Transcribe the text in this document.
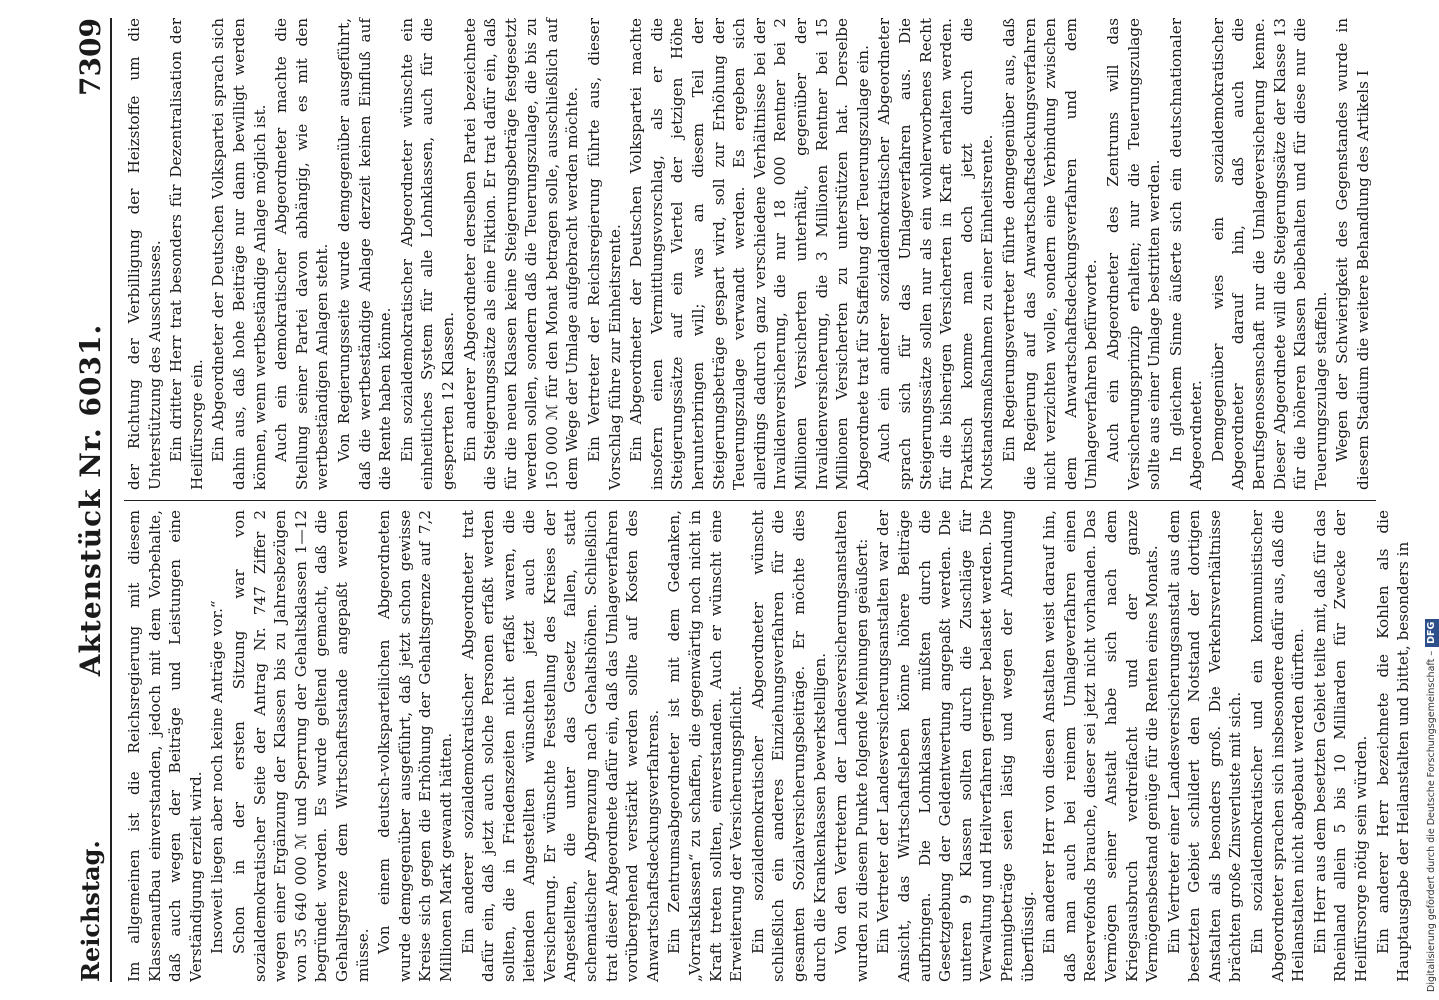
Reichstag.
Aktenstück Nr. 6031.
7309

Im allgemeinen ist die Reichsregierung mit diesem Klassenaufbau einverstanden, jedoch mit dem Vorbehalte, daß auch wegen der Beiträge und Leistungen eine Verständigung erzielt wird. Insoweit liegen aber noch keine Anträge vor.“ Schon in der ersten Sitzung war von sozialdemokratischer Seite der Antrag Nr. 747 Ziffer 2 wegen einer Ergänzung der Klassen bis zu Jahresbezügen von 35 640 000 ℳ und Sperrung der Gehaltsklassen 1—12 begründet worden. Es wurde geltend gemacht, daß die Gehaltsgrenze dem Wirtschaftsstande angepaßt werden müsse.

Von einem deutsch-volksparteilichen Abgeordneten wurde demgegenüber ausgeführt, daß jetzt schon gewisse Kreise sich gegen die Erhöhung der Gehaltsgrenze auf 7,2 Millionen Mark gewandt hätten. Ein anderer sozialdemokratischer Abgeordneter trat dafür ein, daß jetzt auch solche Personen erfaßt werden sollten, die in Friedenszeiten nicht erfaßt waren, die leitenden Angestellten wünschten jetzt auch die Versicherung. Er wünschte Feststellung des Kreises der Angestellten, die unter das Gesetz fallen, statt schematischer Abgrenzung nach Gehaltshöhen. Schließlich trat dieser Abgeordnete dafür ein, daß das Umlageverfahren vorübergehend verstärkt werden sollte auf Kosten des Anwartschaftsdeckungsverfahrens. Ein Zentrumsabgeordneter ist mit dem Gedanken, „Vorratsklassen“ zu schaffen, die gegenwärtig noch nicht in Kraft treten sollten, einverstanden. Auch er wünscht eine Erweiterung der Versicherungspflicht. Ein sozialdemokratischer Abgeordneter wünscht schließlich ein anderes Einziehungsverfahren für die gesamten Sozialversicherungsbeiträge. Er möchte dies durch die Krankenkassen bewerkstelligen. Von den Vertretern der Landesversicherungsanstalten wurden zu diesem Punkte folgende Meinungen geäußert: Ein Vertreter der Landesversicherungsanstalten war der Ansicht, das Wirtschaftsleben könne höhere Beiträge aufbringen. Die Lohnklassen müßten durch die Gesetzgebung der Geldentwertung angepaßt werden. Die unteren 9 Klassen sollten durch die Zuschläge für Verwaltung und Heilverfahren geringer belastet werden. Die Pfennigbeträge seien lästig und wegen der Abrundung überflüssig. Ein anderer Herr von diesen Anstalten weist darauf hin, daß man auch bei reinem Umlageverfahren einen Reservefonds brauche, dieser sei jetzt nicht vorhanden. Das Vermögen seiner Anstalt habe sich nach dem Kriegsausbruch verdreifacht und der ganze Vermögensbestand genüge für die Renten eines Monats. Ein Vertreter einer Landesversicherungsanstalt aus dem besetzten Gebiet schildert den Notstand der dortigen Anstalten als besonders groß. Die Verkehrsverhältnisse brächten große Zinsverluste mit sich. Ein sozialdemokratischer und ein kommunistischer Abgeordneter sprachen sich insbesondere dafür aus, daß die Heilanstalten nicht abgebaut werden dürften. Ein Herr aus dem besetzten Gebiet teilte mit, daß für das Rheinland allein 5 bis 10 Milliarden für Zwecke der Heilfürsorge nötig sein würden. Ein anderer Herr bezeichnete die Kohlen als die Hauptausgabe der Heilanstalten und bittet, besonders in

der Richtung der Verbilligung der Heizstoffe um die Unterstützung des Ausschusses. Ein dritter Herr trat besonders für Dezentralisation der Heilfürsorge ein. Ein Abgeordneter der Deutschen Volkspartei sprach sich dahin aus, daß hohe Beiträge nur dann bewilligt werden können, wenn wertbeständige Anlage möglich ist. Auch ein demokratischer Abgeordneter machte die Stellung seiner Partei davon abhängig, wie es mit den wertbeständigen Anlagen steht. Von Regierungsseite wurde demgegenüber ausgeführt, daß die wertbeständige Anlage derzeit keinen Einfluß auf die Rente haben könne. Ein sozialdemokratischer Abgeordneter wünschte ein einheitliches System für alle Lohnklassen, auch für die gesperrten 12 Klassen. Ein anderer Abgeordneter derselben Partei bezeichnete die Steigerungssätze als eine Fiktion. Er trat dafür ein, daß für die neuen Klassen keine Steigerungsbeträge festgesetzt werden sollen, sondern daß die Teuerungszulage, die bis zu 150 000 ℳ für den Monat betragen solle, ausschließlich auf dem Wege der Umlage aufgebracht werden möchte. Ein Vertreter der Reichsregierung führte aus, dieser Vorschlag führe zur Einheitsrente. Ein Abgeordneter der Deutschen Volkspartei machte insofern einen Vermittlungsvorschlag, als er die Steigerungssätze auf ein Viertel der jetzigen Höhe herunterbringen will; was an diesem Teil der Steigerungsbeträge gespart wird, soll zur Erhöhung der Teuerungszulage verwandt werden. Es ergeben sich allerdings dadurch ganz verschiedene Verhältnisse bei der Invalidenversicherung, die nur 18 000 Rentner bei 2 Millionen Versicherten unterhält, gegenüber der Invalidenversicherung, die 3 Millionen Rentner bei 15 Millionen Versicherten zu unterstützen hat. Derselbe Abgeordnete trat für Staffelung der Teuerungszulage ein. Auch ein anderer sozialdemokratischer Abgeordneter sprach sich für das Umlageverfahren aus. Die Steigerungssätze sollen nur als ein wohlerworbenes Recht für die bisherigen Versicherten in Kraft erhalten werden. Praktisch komme man doch jetzt durch die Notstandsmaßnahmen zu einer Einheitsrente. Ein Regierungsvertreter führte demgegenüber aus, daß die Regierung auf das Anwartschaftsdeckungsverfahren nicht verzichten wolle, sondern eine Verbindung zwischen dem Anwartschaftsdeckungsverfahren und dem Umlageverfahren befürworte. Auch ein Abgeordneter des Zentrums will das Versicherungsprinzip erhalten; nur die Teuerungszulage sollte aus einer Umlage bestritten werden. In gleichem Sinne äußerte sich ein deutschnationaler Abgeordneter. Demgegenüber wies ein sozialdemokratischer Abgeordneter darauf hin, daß auch die Berufsgenossenschaft nur die Umlageversicherung kenne. Dieser Abgeordnete will die Steigerungssätze der Klasse 13 für die höheren Klassen beibehalten und für diese nur die Teuerungszulage staffeln. Wegen der Schwierigkeit des Gegenstandes wurde in diesem Stadium die weitere Behandlung des Artikels I

Digitalisierung gefördert durch die Deutsche Forschungsgemeinschaft –DFG
